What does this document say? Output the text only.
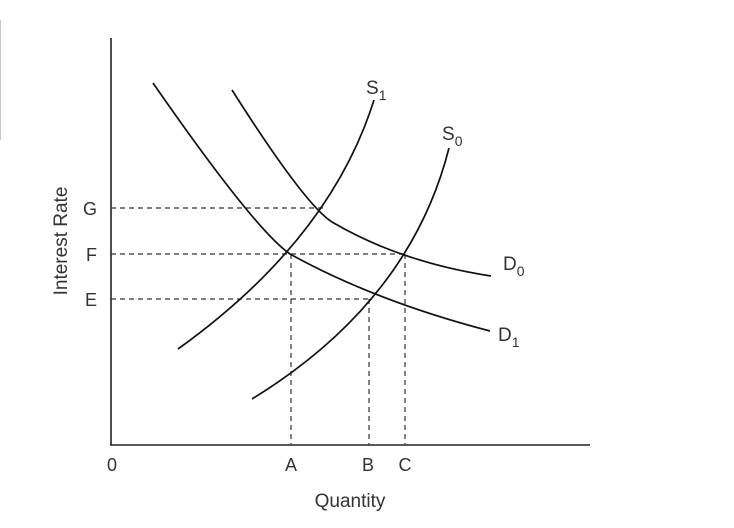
$S_1$
$S_0$
$D_0$
$D_1$
G
F
E
0	A	B C
Quantity
Interest Rate
